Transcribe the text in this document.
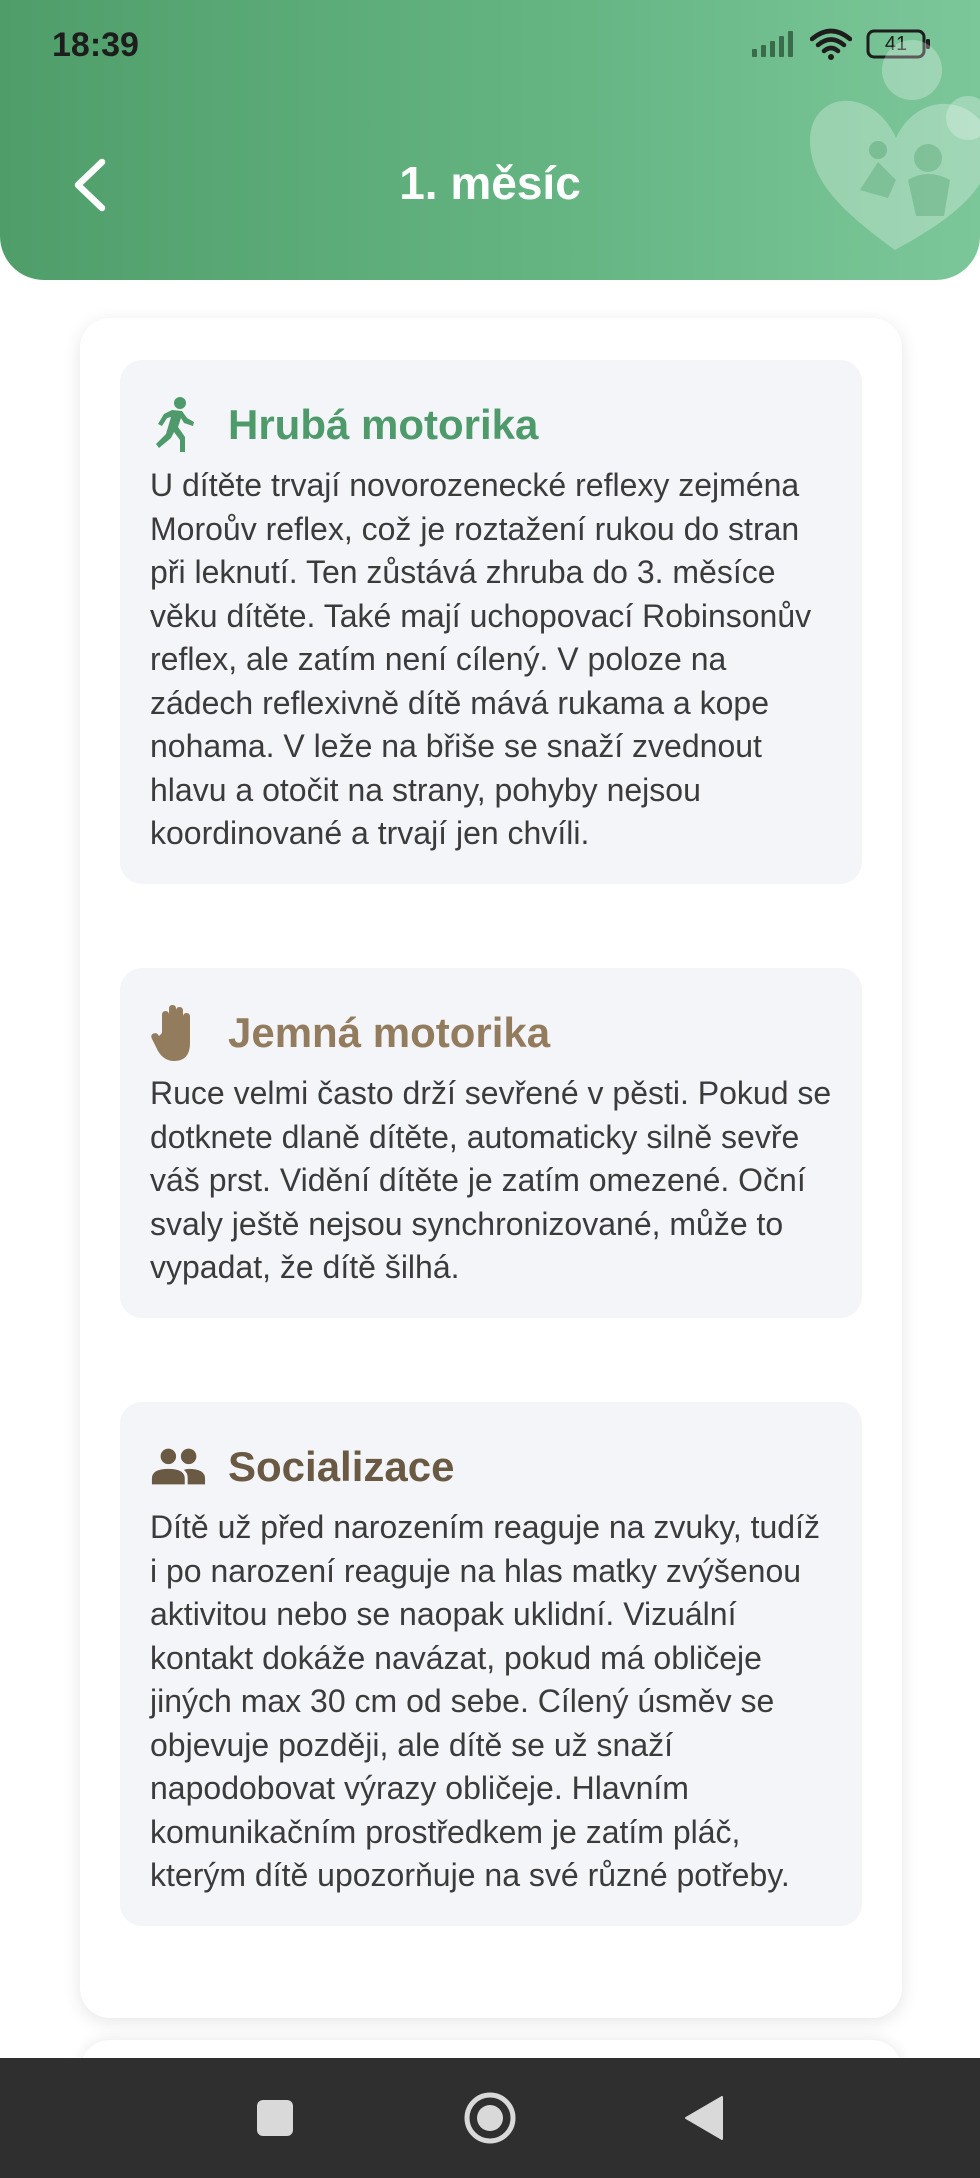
18:39	41
1. měsíc
Hrubá motorika

U dítěte trvají novorozenecké reflexy zejména Moroův reflex, což je roztažení rukou do stran při leknutí. Ten zůstává zhruba do 3. měsíce věku dítěte. Také mají uchopovací Robinsonův reflex, ale zatím není cílený. V poloze na zádech reflexivně dítě mává rukama a kope nohama. V leže na břiše se snaží zvednout hlavu a otočit na strany, pohyby nejsou koordinované a trvají jen chvíli.

Jemná motorika

Ruce velmi často drží sevřené v pěsti. Pokud se dotknete dlaně dítěte, automaticky silně sevře váš prst. Vidění dítěte je zatím omezené. Oční svaly ještě nejsou synchronizované, může to vypadat, že dítě šilhá.

Socializace

Dítě už před narozením reaguje na zvuky, tudíž i po narození reaguje na hlas matky zvýšenou aktivitou nebo se naopak uklidní. Vizuální kontakt dokáže navázat, pokud má obličeje jiných max 30 cm od sebe. Cílený úsměv se objevuje později, ale dítě se už snaží napodobovat výrazy obličeje. Hlavním komunikačním prostředkem je zatím pláč, kterým dítě upozorňuje na své různé potřeby.
